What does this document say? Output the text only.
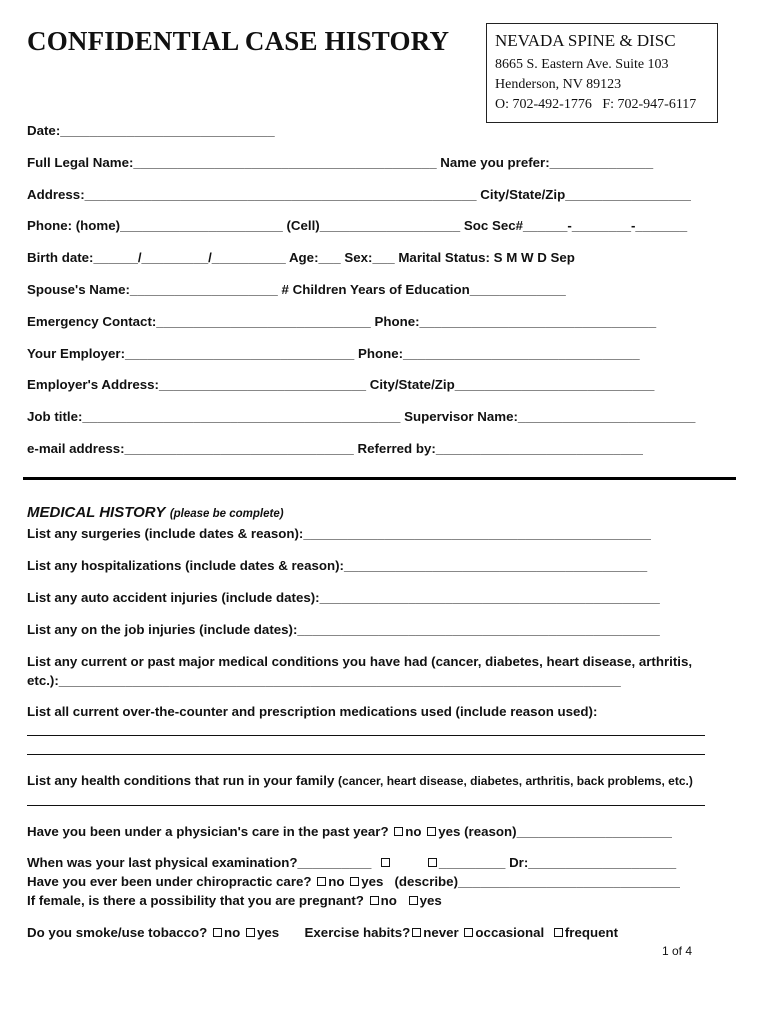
CONFIDENTIAL CASE HISTORY	NEVADA SPINE & DISC
8665 S. Eastern Ave. Suite 103
Henderson, NV 89123
O: 702-492-1776   F: 702-947-6117
Date:_____________________________
Full Legal Name:_________________________________________ Name you prefer:______________
Address:_____________________________________________________ City/State/Zip_________________
Phone: (home)______________________ (Cell)___________________ Soc Sec#______-________-_______
Birth date:______/_________/__________ Age:___ Sex:___ Marital Status: S M W D Sep
Spouse's Name:____________________ # Children Years of Education_____________
Emergency Contact:_____________________________ Phone:________________________________
Your Employer:_______________________________ Phone:________________________________
Employer's Address:____________________________ City/State/Zip___________________________
Job title:___________________________________________ Supervisor Name:________________________
e-mail address:_______________________________ Referred by:____________________________
MEDICAL HISTORY (please be complete)
List any surgeries (include dates & reason):_______________________________________________
List any hospitalizations (include dates & reason):_________________________________________
List any auto accident injuries (include dates):______________________________________________
List any on the job injuries (include dates):_________________________________________________
List any current or past major medical conditions you have had (cancer, diabetes, heart disease, arthritis,
etc.):____________________________________________________________________________
List all current over-the-counter and prescription medications used (include reason used):
List any health conditions that run in your family (cancer, heart disease, diabetes, arthritis, back problems, etc.)
Have you been under a physician's care in the past year? no yes (reason)_____________________
When was your last physical examination?__________	_________ Dr:____________________
Have you ever been under chiropractic care? no yes   (describe)______________________________
If female, is there a possibility that you are pregnant? no yes
Do you smoke/use tobacco? no yes Exercise habits? never occasional frequent
1 of 4
